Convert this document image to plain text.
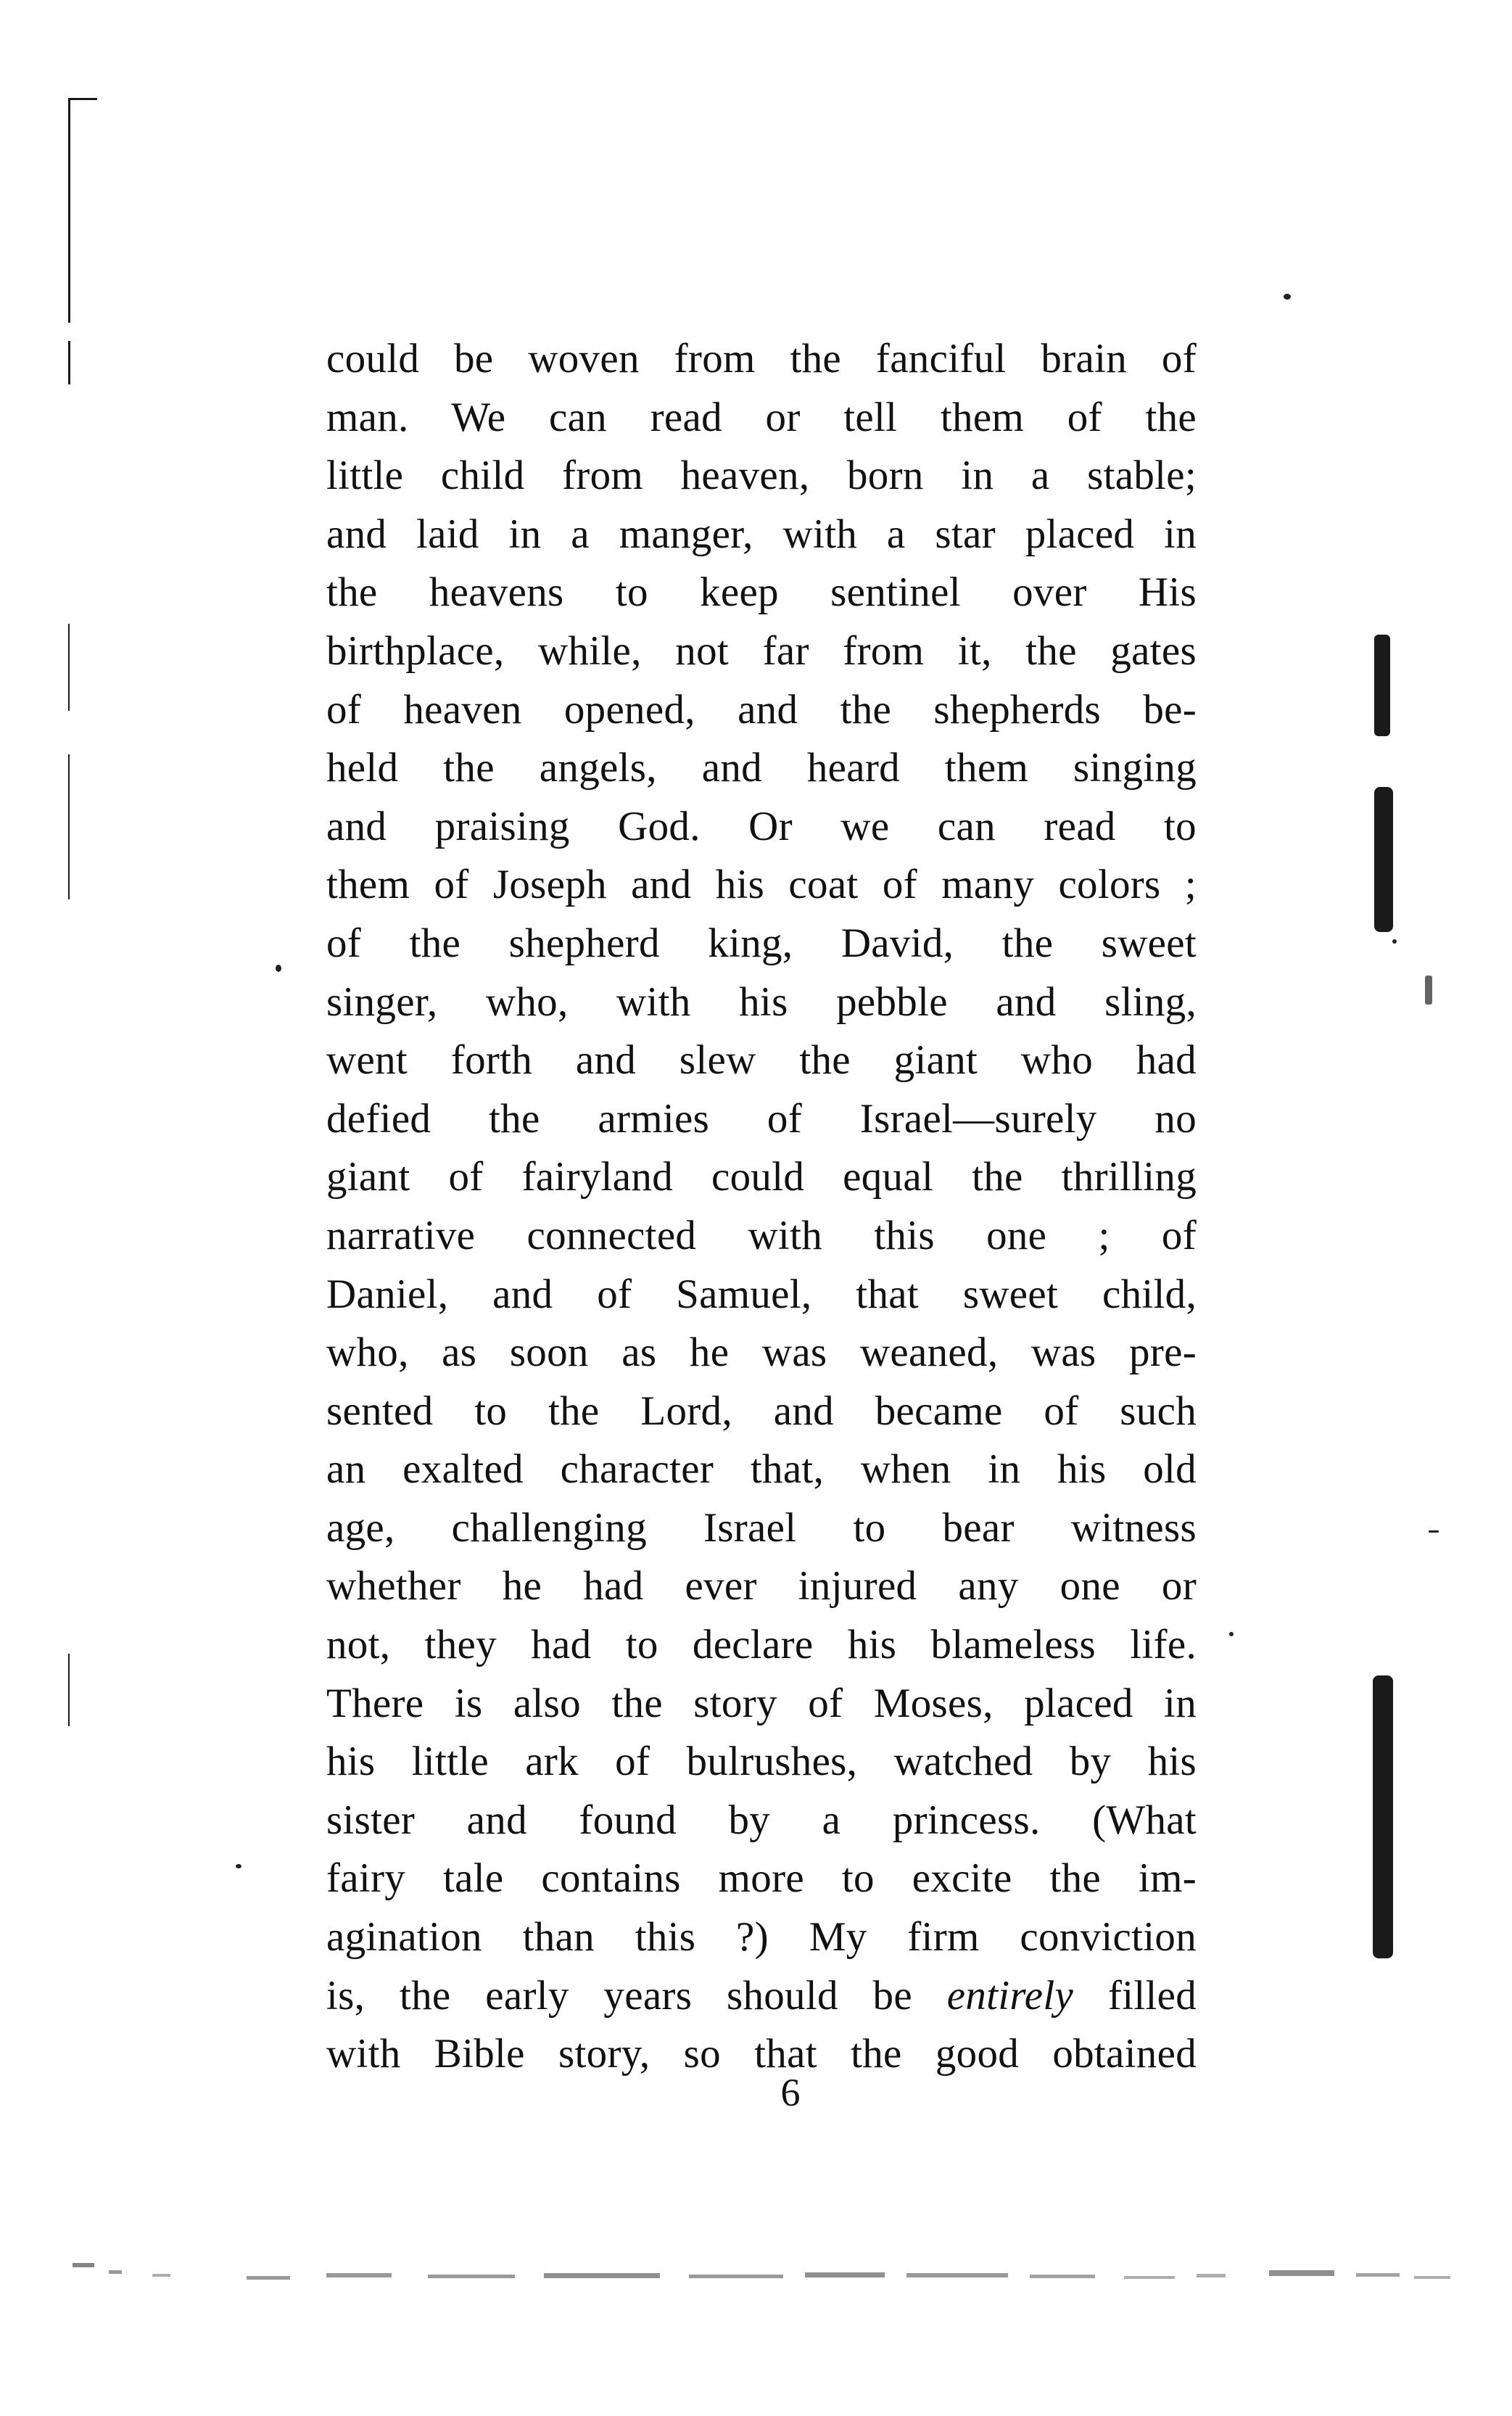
could be woven from the fanciful brain of
man. We can read or tell them of the
little child from heaven, born in a stable;
and laid in a manger, with a star placed in
the heavens to keep sentinel over His
birthplace, while, not far from it, the gates
of heaven opened, and the shepherds be-
held the angels, and heard them singing
and praising God. Or we can read to
them of Joseph and his coat of many colors ;
of the shepherd king, David, the sweet
singer, who, with his pebble and sling,
went forth and slew the giant who had
defied the armies of Israel—surely no
giant of fairyland could equal the thrilling
narrative connected with this one ; of
Daniel, and of Samuel, that sweet child,
who, as soon as he was weaned, was pre-
sented to the Lord, and became of such
an exalted character that, when in his old
age, challenging Israel to bear witness
whether he had ever injured any one or
not, they had to declare his blameless life.
There is also the story of Moses, placed in
his little ark of bulrushes, watched by his
sister and found by a princess. (What
fairy tale contains more to excite the im-
agination than this ?) My firm conviction
is, the early years should be entirely filled
with Bible story, so that the good obtained
6
